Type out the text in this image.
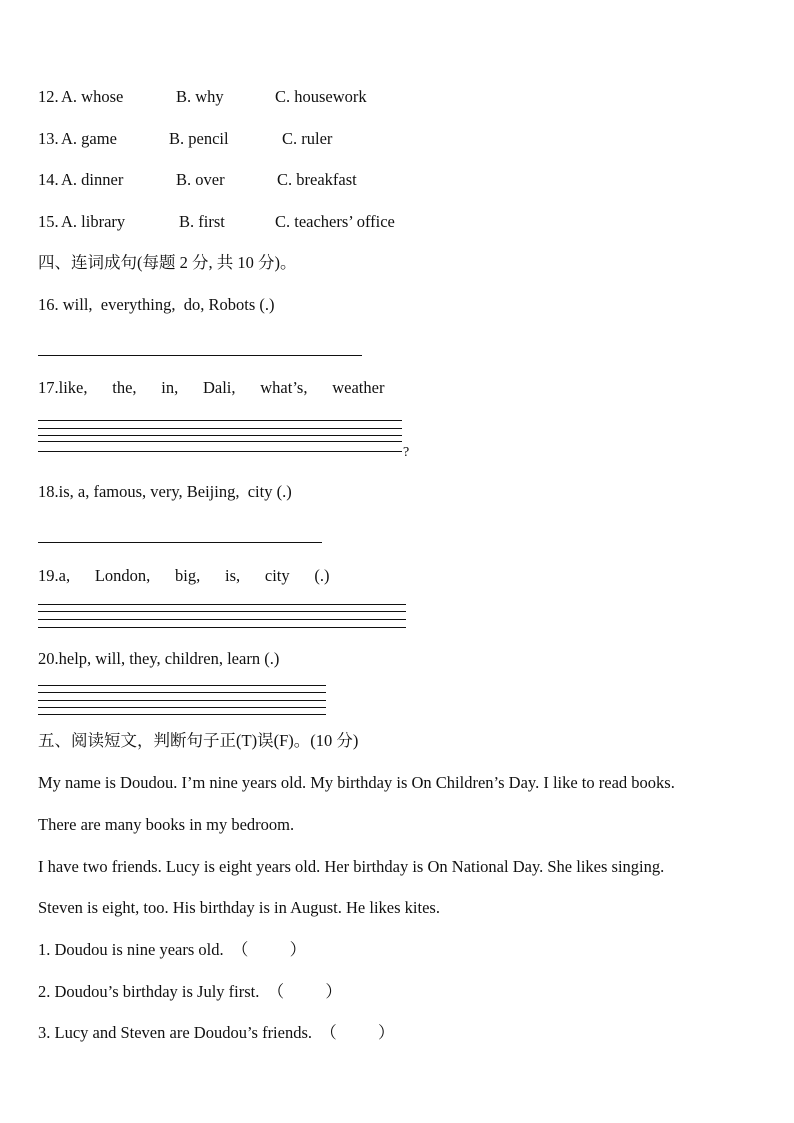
12. A. whose	B. why	C. housework
13. A. game	B. pencil	C. ruler
14. A. dinner	B. over	C. breakfast
15. A. library	B. first	C. teachers’ office
四、连词成句(每题 2 分, 共 10 分)。
16. will,  everything,  do, Robots (.)
17.like,      the,      in,      Dali,      what’s,      weather
?
18.is, a, famous, very, Beijing,  city (.)
19.a,      London,      big,      is,      city      (.)
20.help, will, they, children, learn (.)
五、阅读短文，判断句子正(T)误(F)。(10 分)
My name is Doudou. I’m nine years old. My birthday is On Children’s Day. I like to read books.
There are many books in my bedroom.
I have two friends. Lucy is eight years old. Her birthday is On National Day. She likes singing.
Steven is eight, too. His birthday is in August. He likes kites.
1. Doudou is nine years old.  （          ）
2. Doudou’s birthday is July first.  （          ）
3. Lucy and Steven are Doudou’s friends.  （          ）
